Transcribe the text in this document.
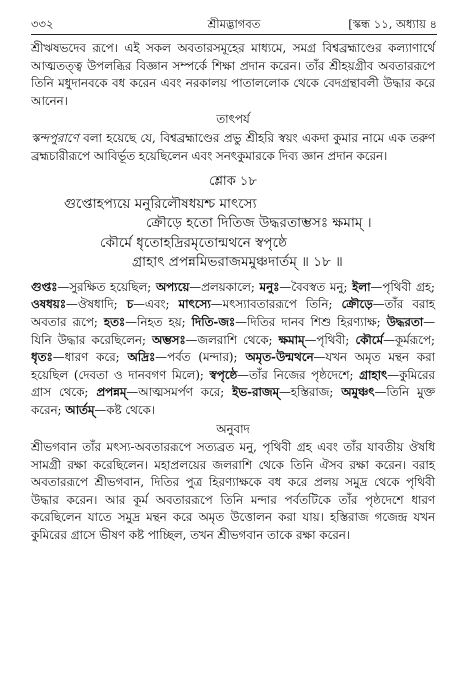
৩৩২	শ্রীমদ্ভাগবত	[স্কন্ধ ১১, অধ্যায় ৪

শ্রীঋষভদেব রূপে। এই সকল অবতারসমূহের মাধ্যমে, সমগ্র বিশ্বব্রহ্মাণ্ডের কল্যাণার্থে আত্মতত্ত্ব উপলব্ধির বিজ্ঞান সম্পর্কে শিক্ষা প্রদান করেন। তাঁর শ্রীহয়গ্রীব অবতাররূপে তিনি মধুদানবকে বধ করেন এবং নরকালয় পাতাললোক থেকে বেদগ্রন্থাবলী উদ্ধার করে আনেন।

তাৎপর্য

স্কন্দপুরাণে বলা হয়েছে যে, বিশ্বব্রহ্মাণ্ডের প্রভু শ্রীহরি স্বয়ং একদা কুমার নামে এক তরুণ ব্রহ্মচারীরূপে আবির্ভূত হয়েছিলেন এবং সনৎকুমারকে দিব্য জ্ঞান প্রদান করেন।

শ্লোক ১৮
গুপ্তোহপ্যয়ে মনুরিলৌষধয়শ্চ মাৎস্যে
ক্রৌড়ে হতো দিতিজ উদ্ধরতাম্ভসঃ ক্ষমাম্ ।
কৌর্মে ধৃতোহদ্রিরমৃতোন্মথনে স্বপৃষ্ঠে
গ্রাহাৎ প্রপন্নমিভরাজমমুঞ্চদার্তম্ ॥ ১৮ ॥

গুপ্তঃ—সুরক্ষিত হয়েছিল; অপ্যয়ে—প্রলয়কালে; মনুঃ—বৈবস্বত মনু; ইলা—পৃথিবী গ্রহ; ওষধয়ঃ—ঔষধাদি; চ—এবং; মাৎস্যে—মৎস্যাবতাররূপে তিনি; ক্রৌড়ে—তাঁর বরাহ অবতার রূপে; হতঃ—নিহত হয়; দিতি-জঃ—দিতির দানব শিশু হিরণ্যাক্ষ; উদ্ধরতা—যিনি উদ্ধার করেছিলেন; অম্ভসঃ—জলরাশি থেকে; ক্ষমাম্—পৃথিবী; কৌর্মে—কূর্মরূপে; ধৃতঃ—ধারণ করে; অদ্রিঃ—পর্বত (মন্দার); অমৃত-উন্মথনে—যখন অমৃত মন্থন করা হয়েছিল (দেবতা ও দানবগণ মিলে); স্বপৃষ্ঠে—তাঁর নিজের পৃষ্ঠদেশে; গ্রাহাৎ—কুমিরের গ্রাস থেকে; প্রপন্নম্—আত্মসমর্পণ করে; ইভ-রাজম্—হস্তিরাজ; অমুঞ্চৎ—তিনি মুক্ত করেন; আর্তম্—কষ্ট থেকে।

অনুবাদ

শ্রীভগবান তাঁর মৎস্য-অবতাররূপে সত্যব্রত মনু, পৃথিবী গ্রহ এবং তাঁর যাবতীয় ঔষধি সামগ্রী রক্ষা করেছিলেন। মহাপ্রলয়ের জলরাশি থেকে তিনি ঐসব রক্ষা করেন। বরাহ অবতাররূপে শ্রীভগবান, দিতির পুত্র হিরণ্যাক্ষকে বধ করে প্রলয় সমুদ্র থেকে পৃথিবী উদ্ধার করেন। আর কূর্ম অবতাররূপে তিনি মন্দার পর্বতটিকে তাঁর পৃষ্ঠদেশে ধারণ করেছিলেন যাতে সমুদ্র মন্থন করে অমৃত উত্তোলন করা যায়। হস্তিরাজ গজেন্দ্র যখন কুমিরের গ্রাসে ভীষণ কষ্ট পাচ্ছিল, তখন শ্রীভগবান তাকে রক্ষা করেন।
